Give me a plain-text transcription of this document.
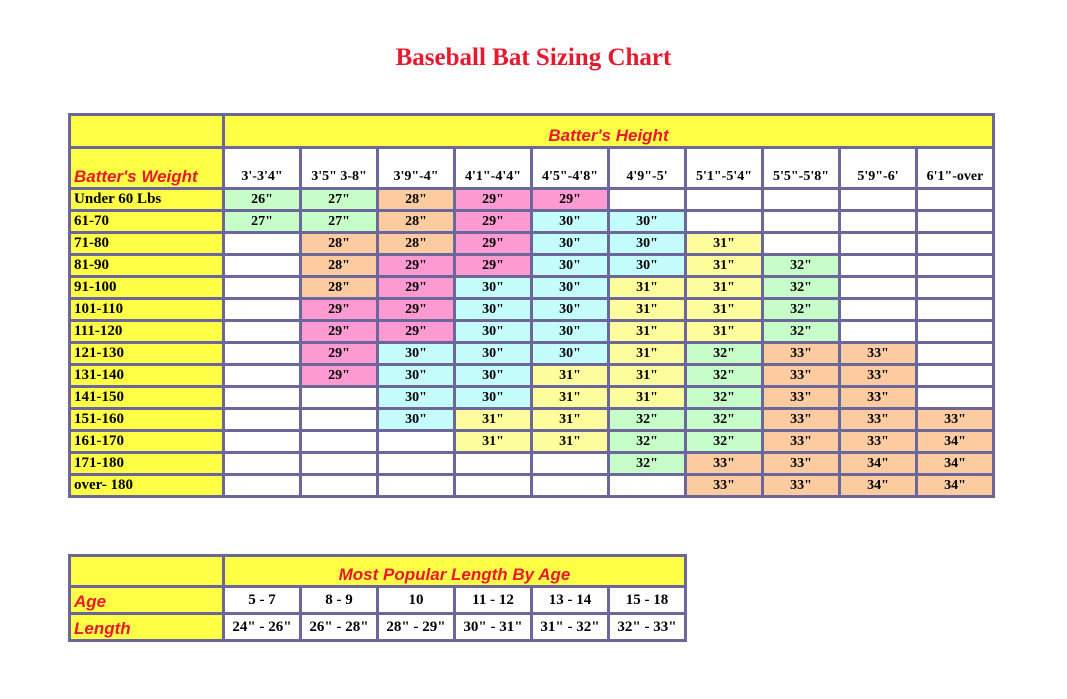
Baseball Bat Sizing Chart
	Batter's Height									
Batter's Weight	3'-3'4"	3'5" 3-8"	3'9"-4"	4'1"-4'4"	4'5"-4'8"	4'9"-5'	5'1"-5'4"	5'5"-5'8"	5'9"-6'	6'1"-over
Under 60 Lbs	26"	27"	28"	29"	29"					
61-70	27"	27"	28"	29"	30"	30"				
71-80		28"	28"	29"	30"	30"	31"			
81-90		28"	29"	29"	30"	30"	31"	32"		
91-100		28"	29"	30"	30"	31"	31"	32"		
101-110		29"	29"	30"	30"	31"	31"	32"		
111-120		29"	29"	30"	30"	31"	31"	32"		
121-130		29"	30"	30"	30"	31"	32"	33"	33"	
131-140		29"	30"	30"	31"	31"	32"	33"	33"	
141-150			30"	30"	31"	31"	32"	33"	33"	
151-160			30"	31"	31"	32"	32"	33"	33"	33"
161-170				31"	31"	32"	32"	33"	33"	34"
171-180						32"	33"	33"	34"	34"
over- 180							33"	33"	34"	34"
	Most Popular Length By Age					
Age	5 - 7	8 - 9	10	11 - 12	13 - 14	15 - 18
Length	24" - 26"	26" - 28"	28" - 29"	30" - 31"	31" - 32"	32" - 33"
